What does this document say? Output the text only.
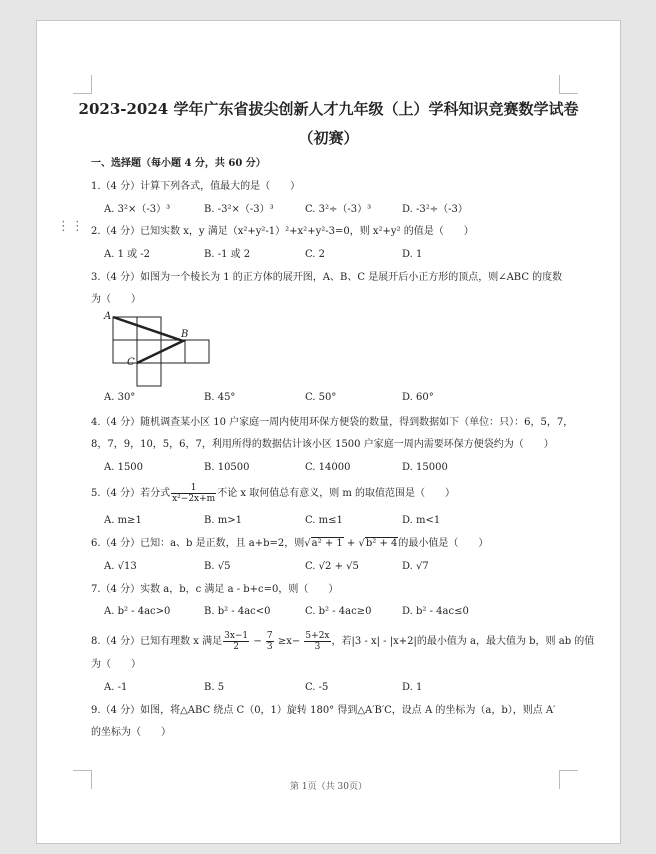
⋮⋮
2023-2024 学年广东省拔尖创新人才九年级（上）学科知识竞赛数学试卷
（初赛）
一、选择题（每小题 4 分，共 60 分）
1.（4 分）计算下列各式，值最大的是（　　）
A. 3²×（-3）³	B. -3²×（-3）³	C. 3²÷（-3）³	D. -3²÷（-3）
2.（4 分）已知实数 x，y 满足（x²+y²-1）²+x²+y²-3=0，则 x²+y² 的值是（　　）
A. 1 或 -2	B. -1 或 2	C. 2	D. 1
3.（4 分）如图为一个棱长为 1 的正方体的展开图，A、B、C 是展开后小正方形的顶点，则∠ABC 的度数
为（　　）
A
B
C
A. 30°	B. 45°	C. 50°	D. 60°
4.（4 分）随机调查某小区 10 户家庭一周内使用环保方便袋的数量，得到数据如下（单位：只）：6，5，7，
8，7，9，10，5，6，7，利用所得的数据估计该小区 1500 户家庭一周内需要环保方便袋约为（　　）
A. 1500	B. 10500	C. 14000	D. 15000
5.（4 分）若分式 $\frac{1}{\text{x²−2x+m}}$ 不论 x 取何值总有意义，则 m 的取值范围是（　　）
A. m≥1	B. m>1	C. m≤1	D. m<1
6.（4 分）已知：a、b 是正数，且 a+b=2，则√a² + 1 + √b² + 4的最小值是（　　）
A. √13	B. √5	C. √2 + √5	D. √7
7.（4 分）实数 a，b，c 满足 a - b+c=0，则（　　）
A. b² - 4ac>0	B. b² - 4ac<0	C. b² - 4ac≥0	D. b² - 4ac≤0
8.（4 分）已知有理数 x 满足 $\frac{3x-1}{2} - \frac{7}{3} \ge x- \frac{5+2x}{3}$ ，若|3 - x| - |x+2|的最小值为 a，最大值为 b，则 ab 的值
为（　　）
A. -1	B. 5	C. -5	D. 1
9.（4 分）如图，将△ABC 绕点 C（0，1）旋转 180° 得到△A′B′C，设点 A 的坐标为（a，b），则点 A′
的坐标为（　　）
第 1页（共 30页）
